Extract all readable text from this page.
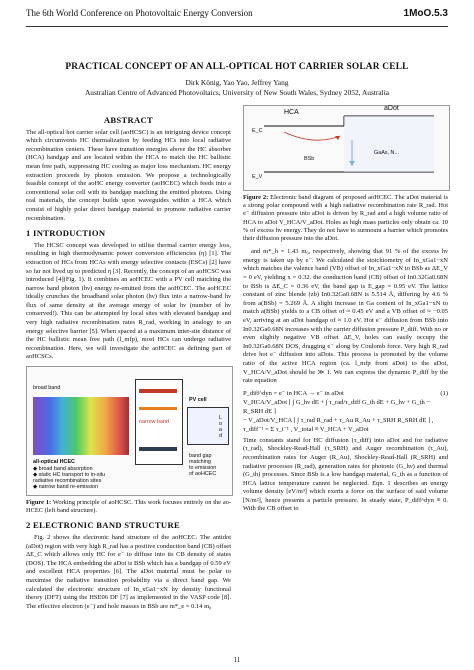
The 6th World Conference on Photovoltaic Energy Conversion	1MoO.5.3
PRACTICAL CONCEPT OF AN ALL-OPTICAL HOT CARRIER SOLAR CELL
Dirk König, Yao Yao, Jeffrey Yang
Australian Centre of Advanced Photovoltaics, University of New South Wales, Sydney 2052, Australia
ABSTRACT

The all-optical hot carrier solar cell (aoHCSC) is an intriguing device concept which circumvents HC thermalization by feeding HCs into local radiative recombination centers. These have transition energies above the HC absorber (HCA) bandgap and are located within the HCA to match the HC ballistic mean free path, suppressing HC cooling as major loss mechanism. HC energy extraction proceeds by photon emission. We propose a technologically feasible concept of the aoHC energy converter (aoHCEC) which feeds into a conventional solar cell with its bandgap matching the emitted photons. Using real materials, the concept builds upon waveguides within a HCA which consist of highly polar direct bandgap material to promote radiative carrier recombination.

1 INTRODUCTION

The HCSC concept was developed to utilise thermal carrier energy loss, resulting in high thermodynamic power conversion efficiencies (η) [1]. The extraction of HCs from HCAs with energy selective contacts (ESCs) [2] have so far not lived up to predicted η [3]. Recently, the concept of an aoHCSC was introduced [4](Fig. 1). It combines an aoHCEC with a PV cell matching the narrow band photon (hν) energy re-emitted from the aoHCEC. The aoHCEC ideally crunches the broadband solar photon (hν) flux into a narrow-band hν flux of same density at the average energy of solar hν (number of hν conserved!). This can be attempted by local sites with elevated bandgap and very high radiative recombination rates R_rad, working in analogy to an energy selective barrier [5]. When spaced at a maximum inter-site distance of the HC ballistic mean free path (l_mfp), most HCs can undergo radiative recombination. Here, we will investigate the aoHCEC as defining part of aoHCSCs.

broad band
all-optical HCEC
◆ broad band absorption
◆ static HC transport to in-situ
radiative recombination sites
◆ narrow band re-emission
narrow band
PV cell
L o a d
band gap
matching
to emission
of aoHCEC
Figure 1: Working principle of aoHCSC. This work focuses entirely on the ao-HCEC (left band structure).
2 ELECTRONIC BAND STRUCTURE

Fig. 2 shows the electronic band structure of the aoHCEC. The antidot (aDot) region with very high R_rad has a positive conduction band (CB) offset ΔE_C which allows only HC for e⁻ to diffuse into its CB density of states (DOS). The HCA embedding the aDot is BSb which has a bandgap of 0.59 eV and excellent HCA properties [6]. The aDot material must be polar to maximise the radiative transition probability via a direct band gap. We calculated the electronic structure of In_xGa1−xN by density functional theory (DFT) using the HSE06 DF [7] as implemented in the VASP code [8]. The effective electron (e⁻) and hole masses in BSb are m*_e = 0.14 m₀

HCA
aDot
E_C
E_V
BSb
GaAs, N...
Figure 2: Electronic band diagram of proposed aoHCEC. The aDot material is a strong polar compound with a high radiative recombination rate R_rad. Hot e⁻ diffusion pressure into aDot is driven by R_rad and a high volume ratio of HCA to aDot V_HCA/V_aDot. Holes as high mass particles only obtain ca. 10 % of excess hν energy. They do not have to surmount a barrier which promotes their diffusion pressure into the aDot.

and m*_h = 1.43 m₀, respectively, showing that 91 % of the excess hν energy is taken up by e⁻. We calculated the stoichiometry of In_xGa1−xN which matches the valence band (VB) offset of In_xGa1−xN to BSb as ΔE_V = 0 eV, yielding x = 0.32. the conduction band (CB) offset of In0.32Ga0.68N to BSb is ΔE_C = 0.36 eV, the band gap is E_gap = 0.95 eV. The lattice constant of zinc blende (zb) In0.32Ga0.68N is 5.514 Å, differing by 4.6 % from a(BSb) = 5.269 Å. A slight increase in Ga content of In_xGa1−xN to match a(BSb) yields to a CB offset of ≈ 0.45 eV and a VB offset of ≈ −0.05 eV, arriving at an aDot bandgap of ≈ 1.0 eV. Hot e⁻ diffusion from BSb into In0.32Ga0.68N increases with the carrier diffusion pressure P_diff. With no or even slightly negative VB offset ΔE_V, holes can easily occupy the In0.32Ga0.68N DOS, dragging e⁻ along by Coulomb force. Very high R_rad drive hot e⁻ diffusion into aDots. This process is promoted by the volume ratio of the active HCA region (ca. l_mfp from aDot) to the aDot, V_HCA/V_aDot should be ≫ 1. We can express the dynamic P_diff by the rate equation

P_diff^dyn = e⁻ in HCA → e⁻ in aDot	(1)
V_HCA/V_aDot [ ∫ G_hν dE + ∫ τ_rad/τ_diff G_th dE + G_hν + G_th − R_SRH dE ]
− V_aDot/V_HCA [ ∫ τ_rad R_rad + τ_Au R_Au + τ_SRH R_SRH dE ] ,
τ_diff⁻¹ = Σ τ_i⁻¹ , V_total ≡ V_HCA + V_aDot

Time constants stand for HC diffusion (τ_diff) into aDot and for radiative (τ_rad), Shockley-Read-Hall (τ_SRH) and Auger recombination (τ_Au), recombination rates for Auger (R_Au), Shockley-Read-Hall (R_SRH) and radiative processes (R_rad), generation rates for photonic (G_hν) and thermal (G_th) processes. Since BSb is a low bandgap material, G_th as a function of HCA lattice temperature cannot be neglected. Eqn. 1 describes an energy volume density [eV/m³] which exerts a force on the surface of said volume [N/m²], hence presents a particle pressure. In steady state, P_diff^dyn ≡ 0. With the CB offset to

11
